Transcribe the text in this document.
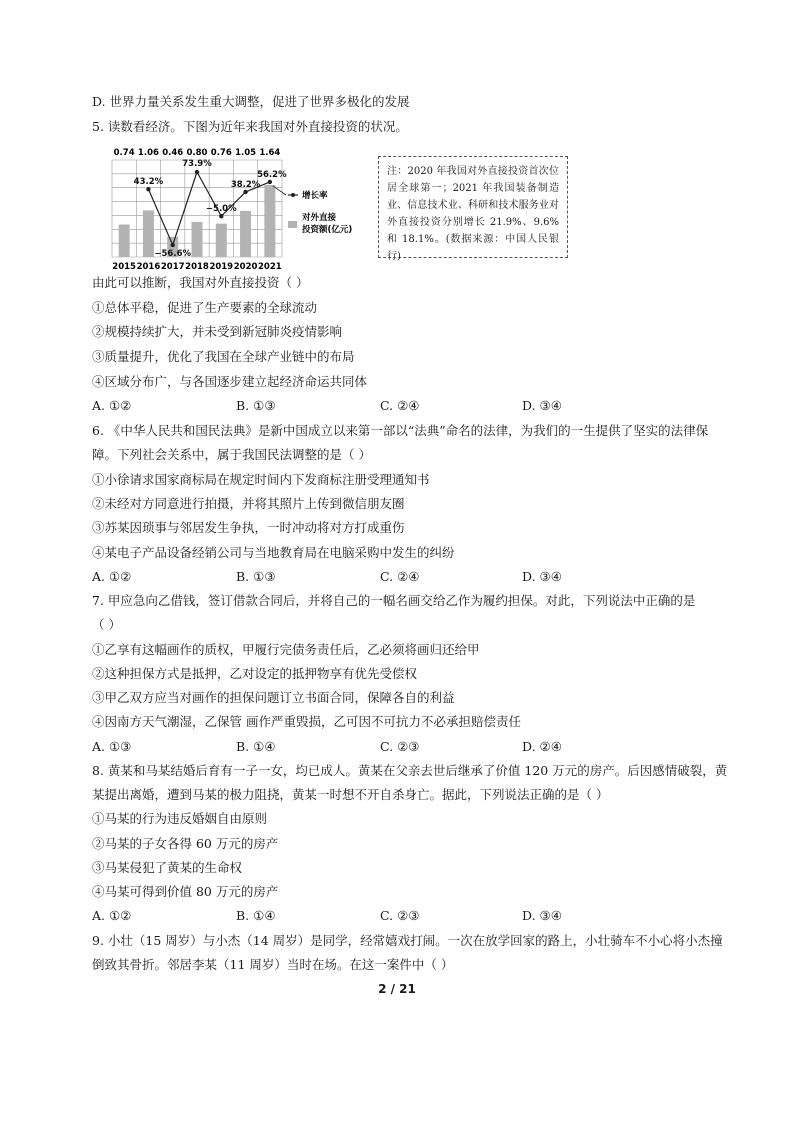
D. 世界力量关系发生重大调整，促进了世界多极化的发展
5. 读数看经济。下图为近年来我国对外直接投资的状况。
0.74
2015
1.06
2016
0.46
2017
0.80
2018
0.76
2019
1.05
2020
1.64
2021
43.2%
−56.6%
73.9%
−5.0%
38.2%
56.2%
增长率
对外直接
投资额(亿元)
注：2020 年我国对外直接投资首次位居全球第一；2021 年我国装备制造业、信息技术业、科研和技术服务业对外直接投资分别增长 21.9%、9.6% 和 18.1%。(数据来源：中国人民银行)
由此可以推断，我国对外直接投资（ ）
①总体平稳，促进了生产要素的全球流动
②规模持续扩大，并未受到新冠肺炎疫情影响
③质量提升，优化了我国在全球产业链中的布局
④区域分布广，与各国逐步建立起经济命运共同体
A. ①②	B. ①③	C. ②④	D. ③④
6. 《中华人民共和国民法典》是新中国成立以来第一部以“法典”命名的法律，为我们的一生提供了坚实的法律保
障。下列社会关系中，属于我国民法调整的是（ ）
①小徐请求国家商标局在规定时间内下发商标注册受理通知书
②未经对方同意进行拍摄，并将其照片上传到微信朋友圈
③苏某因琐事与邻居发生争执，一时冲动将对方打成重伤
④某电子产品设备经销公司与当地教育局在电脑采购中发生的纠纷
A. ①②	B. ①③	C. ②④	D. ③④
7. 甲应急向乙借钱，签订借款合同后，并将自己的一幅名画交给乙作为履约担保。对此，下列说法中正确的是
（ ）
①乙享有这幅画作的质权，甲履行完债务责任后，乙必须将画归还给甲
②这种担保方式是抵押，乙对设定的抵押物享有优先受偿权
③甲乙双方应当对画作的担保问题订立书面合同，保障各自的利益
④因南方天气潮湿，乙保管 画作严重毁损，乙可因不可抗力不必承担赔偿责任
A. ①③	B. ①④	C. ②③	D. ②④
8. 黄某和马某结婚后育有一子一女，均已成人。黄某在父亲去世后继承了价值 120 万元的房产。后因感情破裂，黄
某提出离婚，遭到马某的极力阻挠，黄某一时想不开自杀身亡。据此，下列说法正确的是（ ）
①马某的行为违反婚姻自由原则
②马某的子女各得 60 万元的房产
③马某侵犯了黄某的生命权
④马某可得到价值 80 万元的房产
A. ①②	B. ①④	C. ②③	D. ③④
9. 小壮（15 周岁）与小杰（14 周岁）是同学，经常嬉戏打闹。一次在放学回家的路上，小壮骑车不小心将小杰撞
倒致其骨折。邻居李某（11 周岁）当时在场。在这一案件中（ ）
2 / 21
